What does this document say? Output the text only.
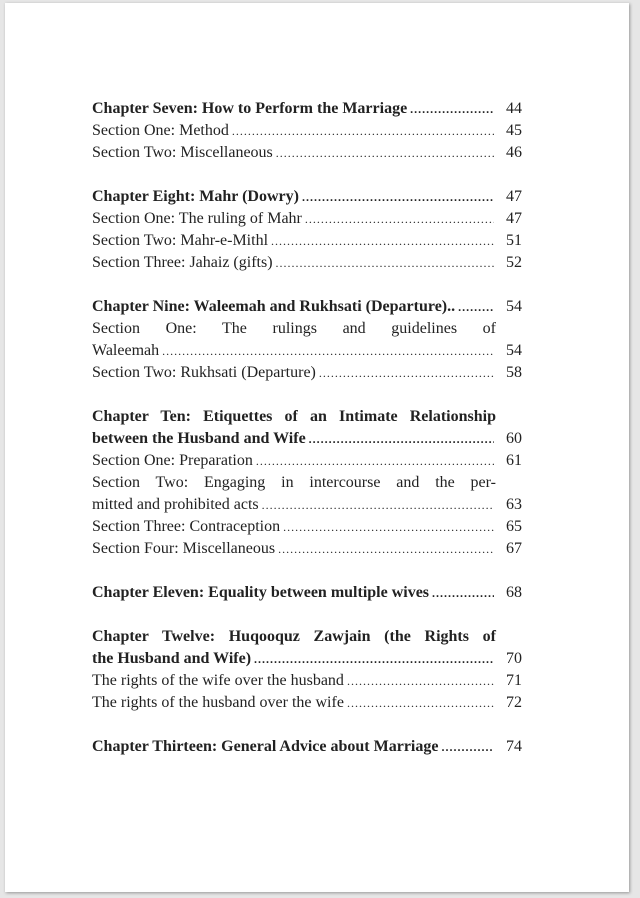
Chapter Seven: How to Perform the Marriage .....	44
Section One: Method .....	45
Section Two: Miscellaneous .....	46
Chapter Eight: Mahr (Dowry) .....	47
Section One: The ruling of Mahr .....	47
Section Two: Mahr-e-Mithl .....	51
Section Three: Jahaiz (gifts) .....	52
Chapter Nine: Waleemah and Rukhsati (Departure).. .....	54
Section One: The rulings and guidelines of
Waleemah .....	54
Section Two: Rukhsati (Departure) .....	58
Chapter Ten: Etiquettes of an Intimate Relationship
between the Husband and Wife .....	60
Section One: Preparation .....	61
Section Two: Engaging in intercourse and the per-
mitted and prohibited acts .....	63
Section Three: Contraception .....	65
Section Four: Miscellaneous .....	67
Chapter Eleven: Equality between multiple wives .....	68
Chapter Twelve: Huqooquz Zawjain (the Rights of
the Husband and Wife) .....	70
The rights of the wife over the husband .....	71
The rights of the husband over the wife .....	72
Chapter Thirteen: General Advice about Marriage .....	74
